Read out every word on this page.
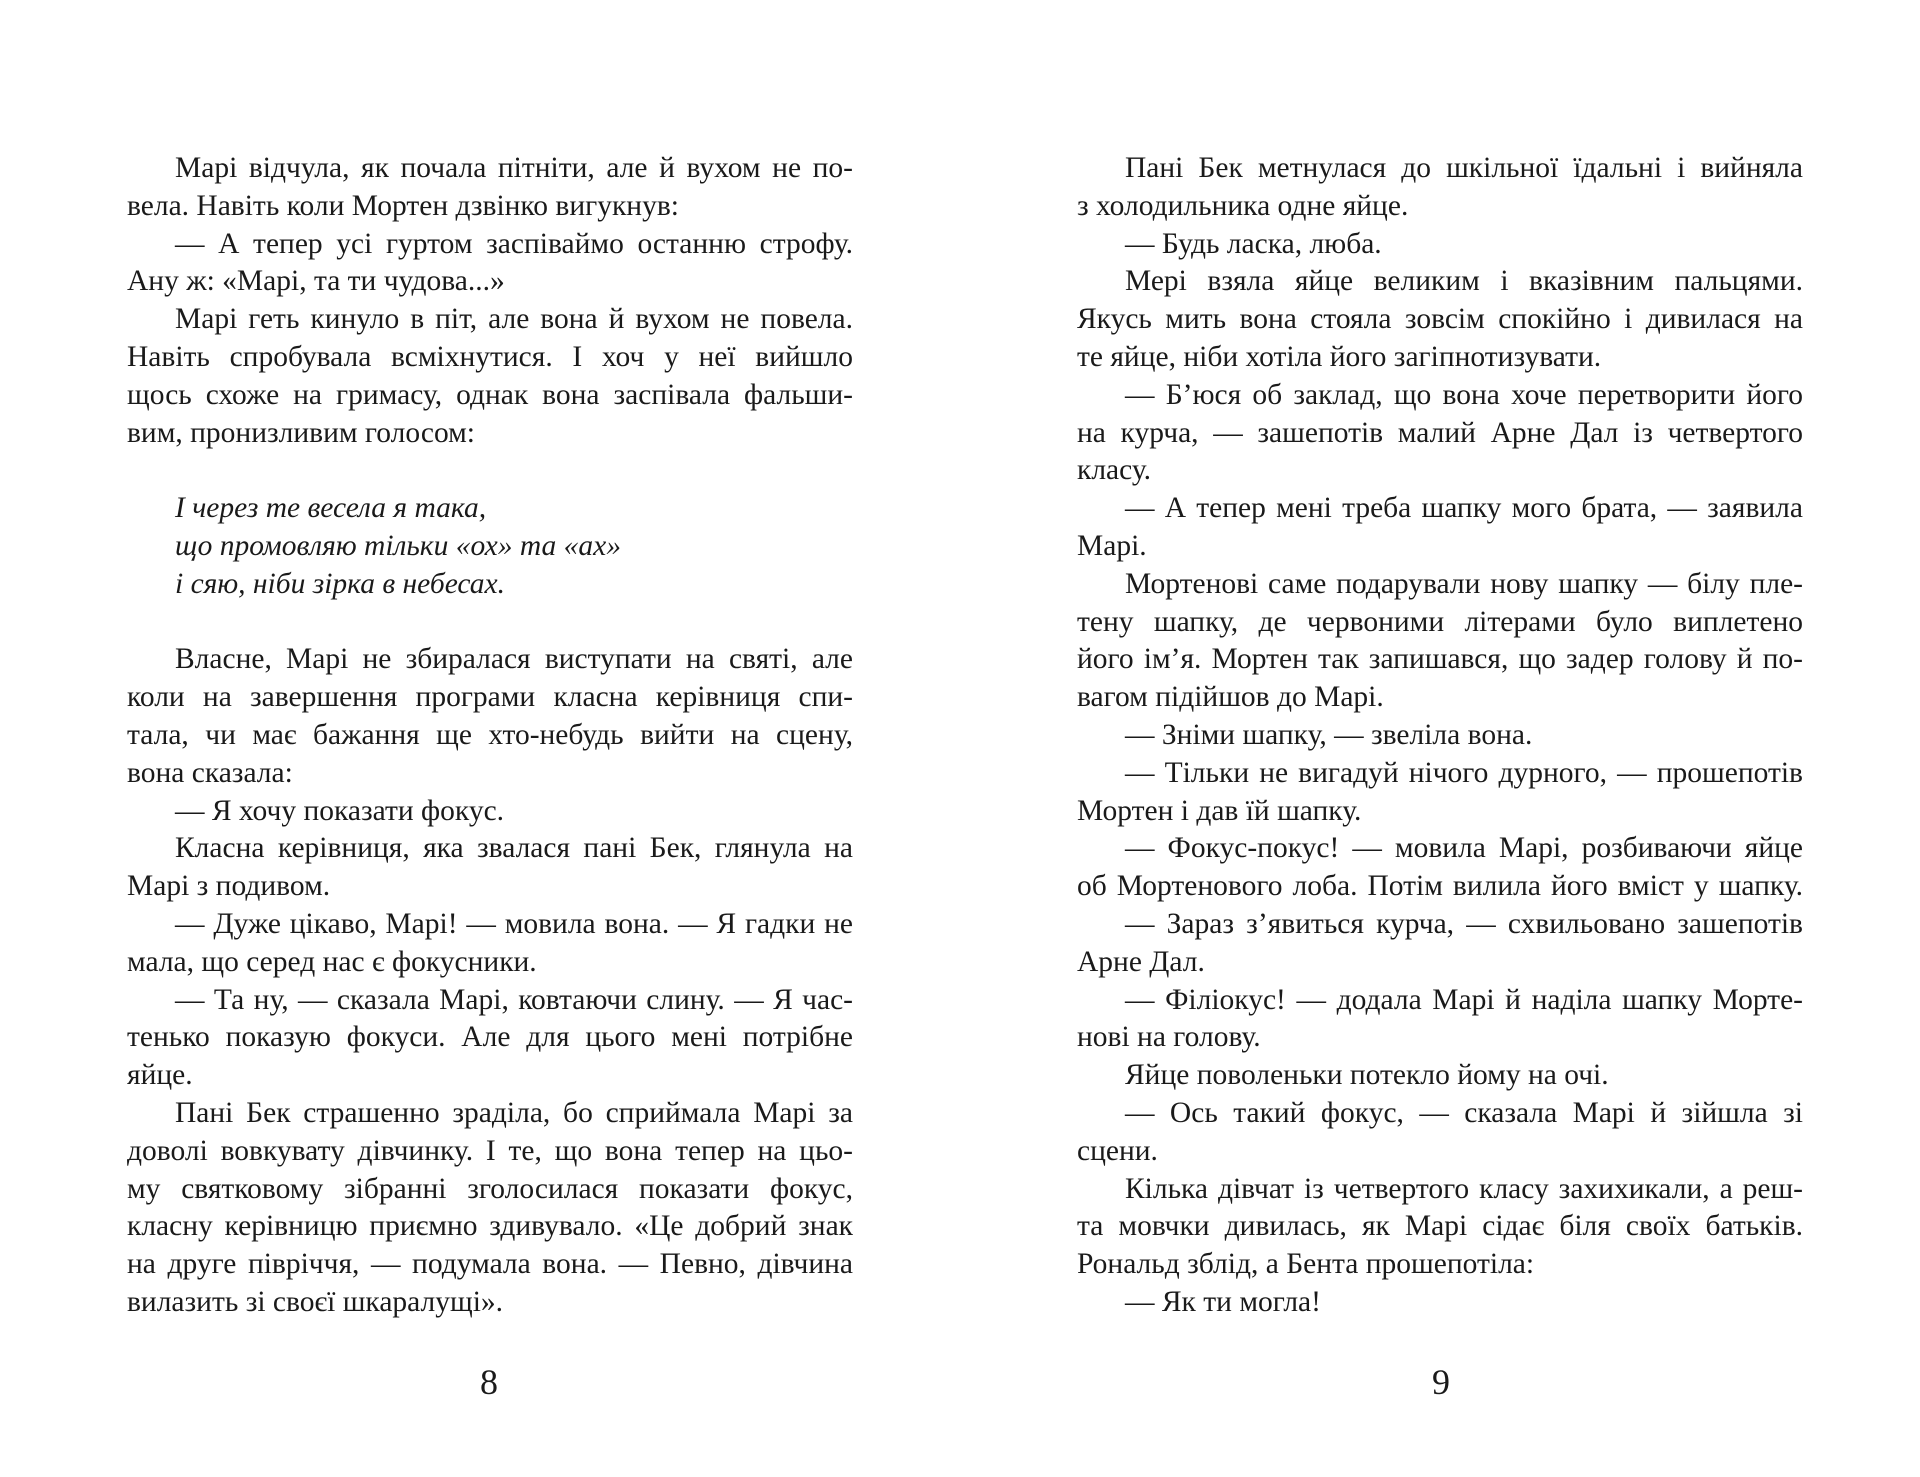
Марі відчула, як почала пітніти, але й вухом не по-
вела. Навіть коли Мортен дзвінко вигукнув:
— А тепер усі гуртом заспіваймо останню строфу.
Ану ж: «Марі, та ти чудова...»
Марі геть кинуло в піт, але вона й вухом не повела.
Навіть спробувала всміхнутися. І хоч у неї вийшло
щось схоже на гримасу, однак вона заспівала фальши-
вим, пронизливим голосом:
І через те весела я така,
що промовляю тільки «ох» та «ах»
і сяю, ніби зірка в небесах.
Власне, Марі не збиралася виступати на святі, але
коли на завершення програми класна керівниця спи-
тала, чи має бажання ще хто-небудь вийти на сцену,
вона сказала:
— Я хочу показати фокус.
Класна керівниця, яка звалася пані Бек, глянула на
Марі з подивом.
— Дуже цікаво, Марі! — мовила вона. — Я гадки не
мала, що серед нас є фокусники.
— Та ну, — сказала Марі, ковтаючи слину. — Я час-
тенько показую фокуси. Але для цього мені потрібне
яйце.
Пані Бек страшенно зраділа, бо сприймала Марі за
доволі вовкувату дівчинку. І те, що вона тепер на цьо-
му святковому зібранні зголосилася показати фокус,
класну керівницю приємно здивувало. «Це добрий знак
на друге півріччя, — подумала вона. — Певно, дівчина
вилазить зі своєї шкаралущі».
Пані Бек метнулася до шкільної їдальні і вийняла
з холодильника одне яйце.
— Будь ласка, люба.
Мері взяла яйце великим і вказівним пальцями.
Якусь мить вона стояла зовсім спокійно і дивилася на
те яйце, ніби хотіла його загіпнотизувати.
— Б’юся об заклад, що вона хоче перетворити його
на курча, — зашепотів малий Арне Дал із четвертого
класу.
— А тепер мені треба шапку мого брата, — заявила
Марі.
Мортенові саме подарували нову шапку — білу пле-
тену шапку, де червоними літерами було виплетено
його ім’я. Мортен так запишався, що задер голову й по-
вагом підійшов до Марі.
— Зніми шапку, — звеліла вона.
— Тільки не вигадуй нічого дурного, — прошепотів
Мортен і дав їй шапку.
— Фокус-покус! — мовила Марі, розбиваючи яйце
об Мортенового лоба. Потім вилила його вміст у шапку.
— Зараз з’явиться курча, — схвильовано зашепотів
Арне Дал.
— Філіокус! — додала Марі й наділа шапку Морте-
нові на голову.
Яйце поволеньки потекло йому на очі.
— Ось такий фокус, — сказала Марі й зійшла зі
сцени.
Кілька дівчат із четвертого класу захихикали, а реш-
та мовчки дивилась, як Марі сідає біля своїх батьків.
Рональд зблід, а Бента прошепотіла:
— Як ти могла!
8	9
